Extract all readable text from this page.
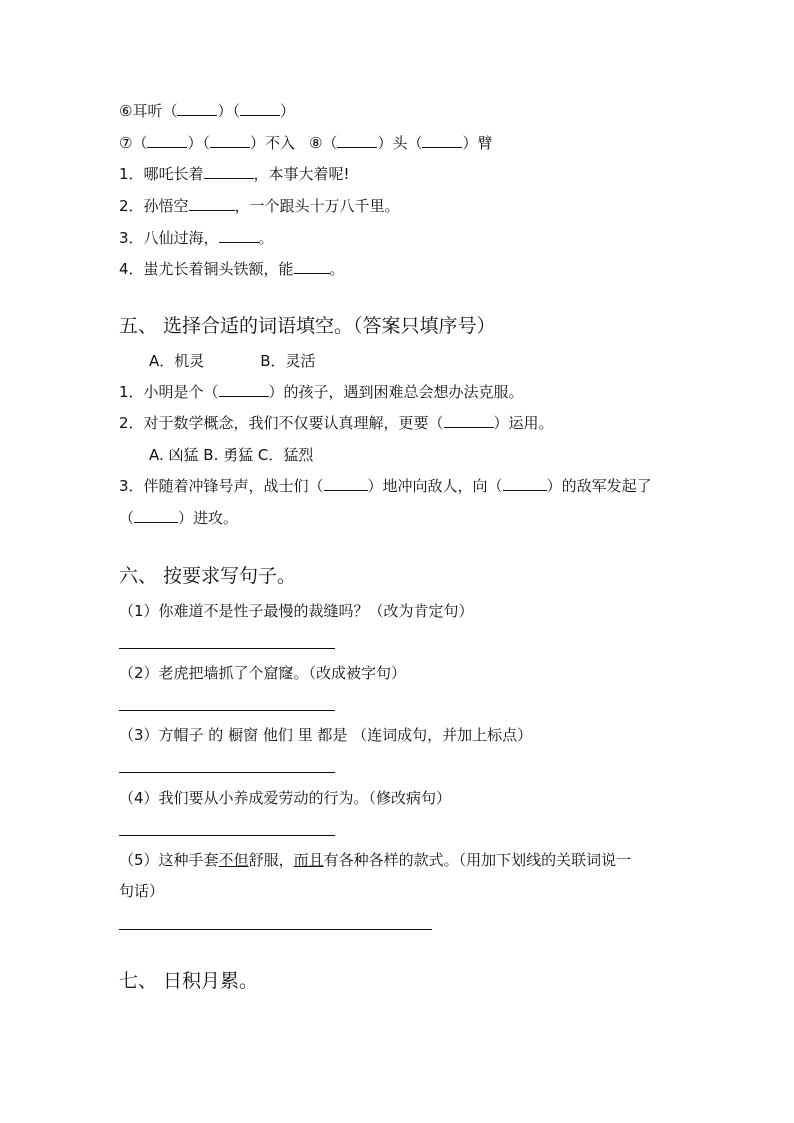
⑥耳听（	）（	）
⑦（	）（	）不入 ⑧（	）头（	）臂
1．哪吒长着	，本事大着呢!
2．孙悟空	，一个跟头十万八千里。
3．八仙过海，	。
4．蚩尤长着铜头铁额，能 。
五、 选择合适的词语填空。（答案只填序号）
A．机灵	B．灵活
1．小明是个（	）的孩子，遇到困难总会想办法克服。
2．对于数学概念，我们不仅要认真理解，更要（	）运用。
A. 凶猛 B. 勇猛 C．猛烈
3．伴随着冲锋号声，战士们（	）地冲向敌人，向（	）的敌军发起了
（	）进攻。
六、 按要求写句子。
（1）你难道不是性子最慢的裁缝吗？（改为肯定句）
（2）老虎把墙抓了个窟窿。（改成被字句）
（3）方帽子 的 橱窗 他们 里 都是 （连词成句，并加上标点）
（4）我们要从小养成爱劳动的行为。（修改病句）
（5）这种手套不但舒服，而且有各种各样的款式。（用加下划线的关联词说一
句话）
七、 日积月累。
